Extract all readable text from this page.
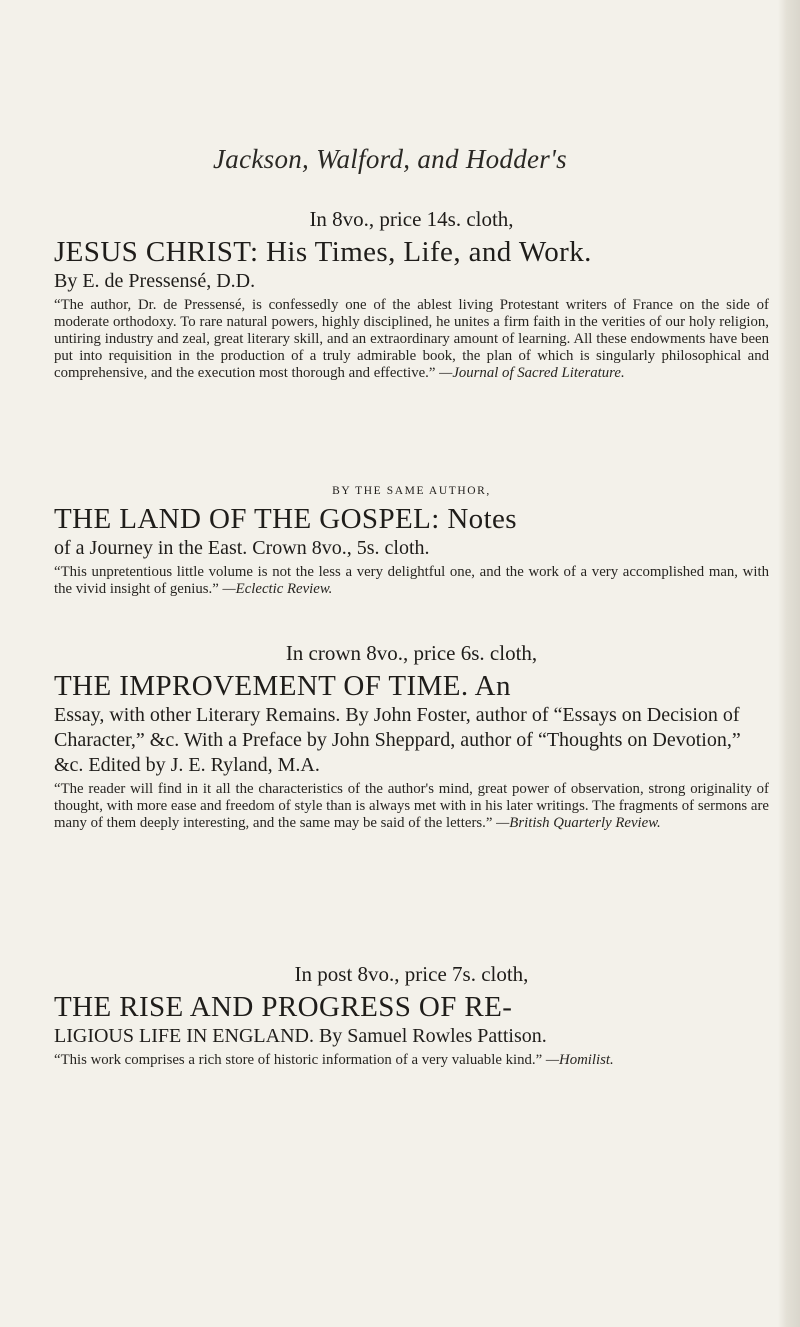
Jackson, Walford, and Hodder's

In 8vo., price 14s. cloth,

JESUS CHRIST: His Times, Life, and Work.

By E. de Pressensé, D.D.

“The author, Dr. de Pressensé, is confessedly one of the ablest living Protestant writers of France on the side of moderate orthodoxy. To rare natural powers, highly disciplined, he unites a firm faith in the verities of our holy religion, untiring industry and zeal, great literary skill, and an extraordinary amount of learning. All these endowments have been put into requisition in the production of a truly admirable book, the plan of which is singularly philosophical and comprehensive, and the execution most thorough and effective.” —Journal of Sacred Literature.

BY THE SAME AUTHOR,

THE LAND OF THE GOSPEL: Notes

of a Journey in the East. Crown 8vo., 5s. cloth.

“This unpretentious little volume is not the less a very delightful one, and the work of a very accomplished man, with the vivid insight of genius.” —Eclectic Review.

In crown 8vo., price 6s. cloth,

THE IMPROVEMENT OF TIME. An

Essay, with other Literary Remains. By John Foster, author of “Essays on Decision of Character,” &c. With a Preface by John Sheppard, author of “Thoughts on Devotion,” &c. Edited by J. E. Ryland, M.A.

“The reader will find in it all the characteristics of the author's mind, great power of observation, strong originality of thought, with more ease and freedom of style than is always met with in his later writings. The fragments of sermons are many of them deeply interesting, and the same may be said of the letters.” —British Quarterly Review.

In post 8vo., price 7s. cloth,

THE RISE AND PROGRESS OF RE-

LIGIOUS LIFE IN ENGLAND. By Samuel Rowles Pattison.

“This work comprises a rich store of historic information of a very valuable kind.” —Homilist.
